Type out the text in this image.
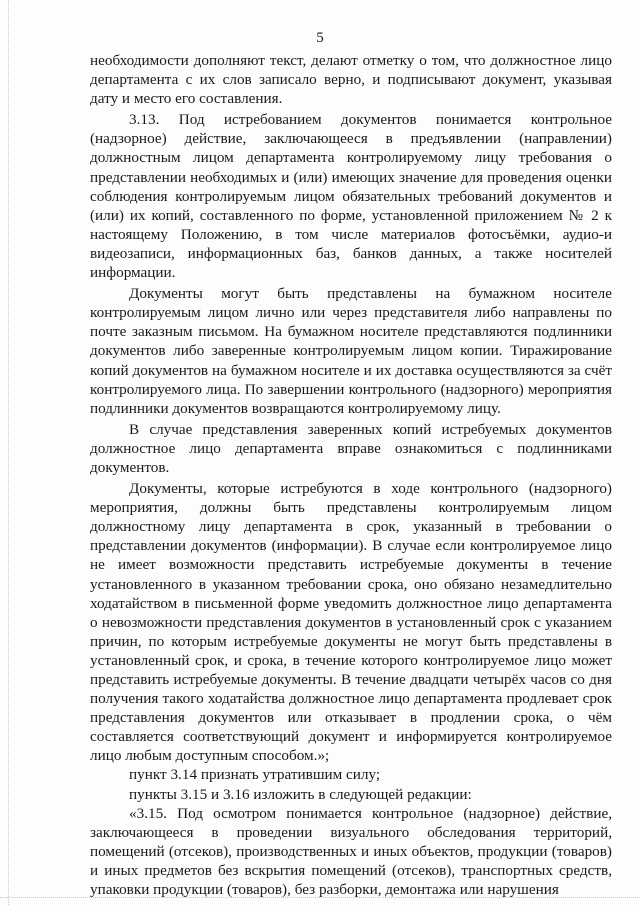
5

необходимости дополняют текст, делают отметку о том, что должностное лицо департамента с их слов записало верно, и подписывают документ, указывая дату и место его составления.

3.13. Под истребованием документов понимается контрольное (надзорное) действие, заключающееся в предъявлении (направлении) должностным лицом департамента контролируемому лицу требования о представлении необходимых и (или) имеющих значение для проведения оценки соблюдения контролируемым лицом обязательных требований документов и (или) их копий, составленного по форме, установленной приложением № 2 к настоящему Положению, в том числе материалов фотосъёмки, аудио-и видеозаписи, информационных баз, банков данных, а также носителей информации.

Документы могут быть представлены на бумажном носителе контролируемым лицом лично или через представителя либо направлены по почте заказным письмом. На бумажном носителе представляются подлинники документов либо заверенные контролируемым лицом копии. Тиражирование копий документов на бумажном носителе и их доставка осуществляются за счёт контролируемого лица. По завершении контрольного (надзорного) мероприятия подлинники документов возвращаются контролируемому лицу.

В случае представления заверенных копий истребуемых документов должностное лицо департамента вправе ознакомиться с подлинниками документов.

Документы, которые истребуются в ходе контрольного (надзорного) мероприятия, должны быть представлены контролируемым лицом должностному лицу департамента в срок, указанный в требовании о представлении документов (информации). В случае если контролируемое лицо не имеет возможности представить истребуемые документы в течение установленного в указанном требовании срока, оно обязано незамедлительно ходатайством в письменной форме уведомить должностное лицо департамента о невозможности представления документов в установленный срок с указанием причин, по которым истребуемые документы не могут быть представлены в установленный срок, и срока, в течение которого контролируемое лицо может представить истребуемые документы. В течение двадцати четырёх часов со дня получения такого ходатайства должностное лицо департамента продлевает срок представления документов или отказывает в продлении срока, о чём составляется соответствующий документ и информируется контролируемое лицо любым доступным способом.»;

пункт 3.14 признать утратившим силу;

пункты 3.15 и 3.16 изложить в следующей редакции:

«3.15. Под осмотром понимается контрольное (надзорное) действие, заключающееся в проведении визуального обследования территорий, помещений (отсеков), производственных и иных объектов, продукции (товаров) и иных предметов без вскрытия помещений (отсеков), транспортных средств, упаковки продукции (товаров), без разборки, демонтажа или нарушения
